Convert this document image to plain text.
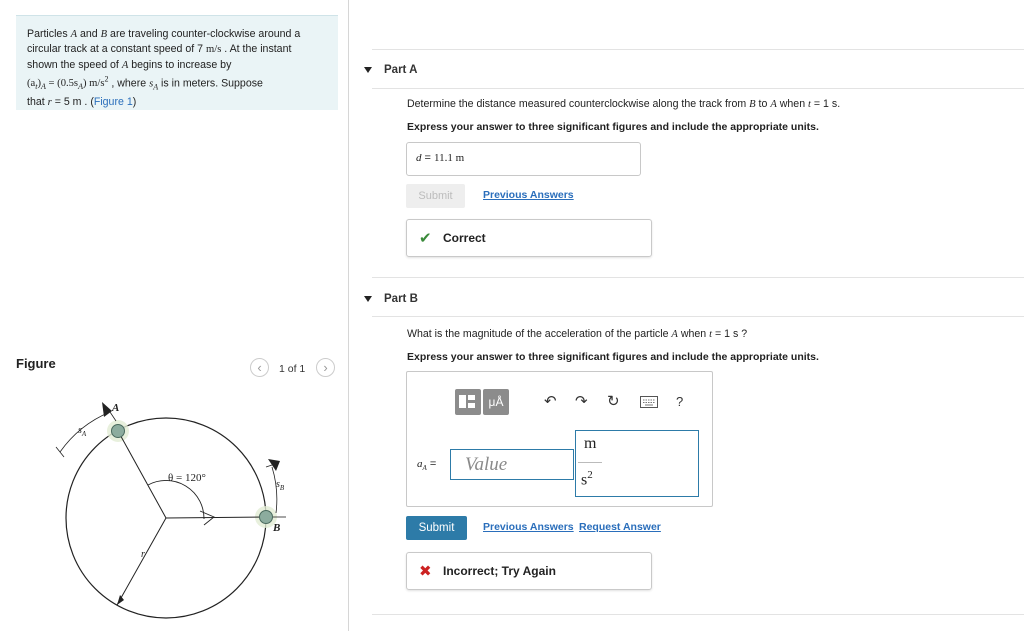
Particles A and B are traveling counter-clockwise around a
circular track at a constant speed of 7 m/s . At the instant
shown the speed of A begins to increase by
$(a_t)_A = (0.5s_A)$ $m/s^2$ , where $s_A$ is in meters. Suppose
that r = 5 m . (Figure 1)
Figure	‹	1 of 1	›
A
B
$s_A$
$s_B$
θ = 120°
r
Part A
Determine the distance measured counterclockwise along the track from B to A when t = 1 s.
Express your answer to three significant figures and include the appropriate units.
d = 11.1 m
Submit	Previous Answers
✔ Correct
Part B
What is the magnitude of the acceleration of the particle A when t = 1 s ?
Express your answer to three significant figures and include the appropriate units.
μÅ	↶ ↷ ↻	?
$a_A$ =	Value
m
$s^2$
Submit	Previous Answers Request Answer
✖ Incorrect; Try Again
